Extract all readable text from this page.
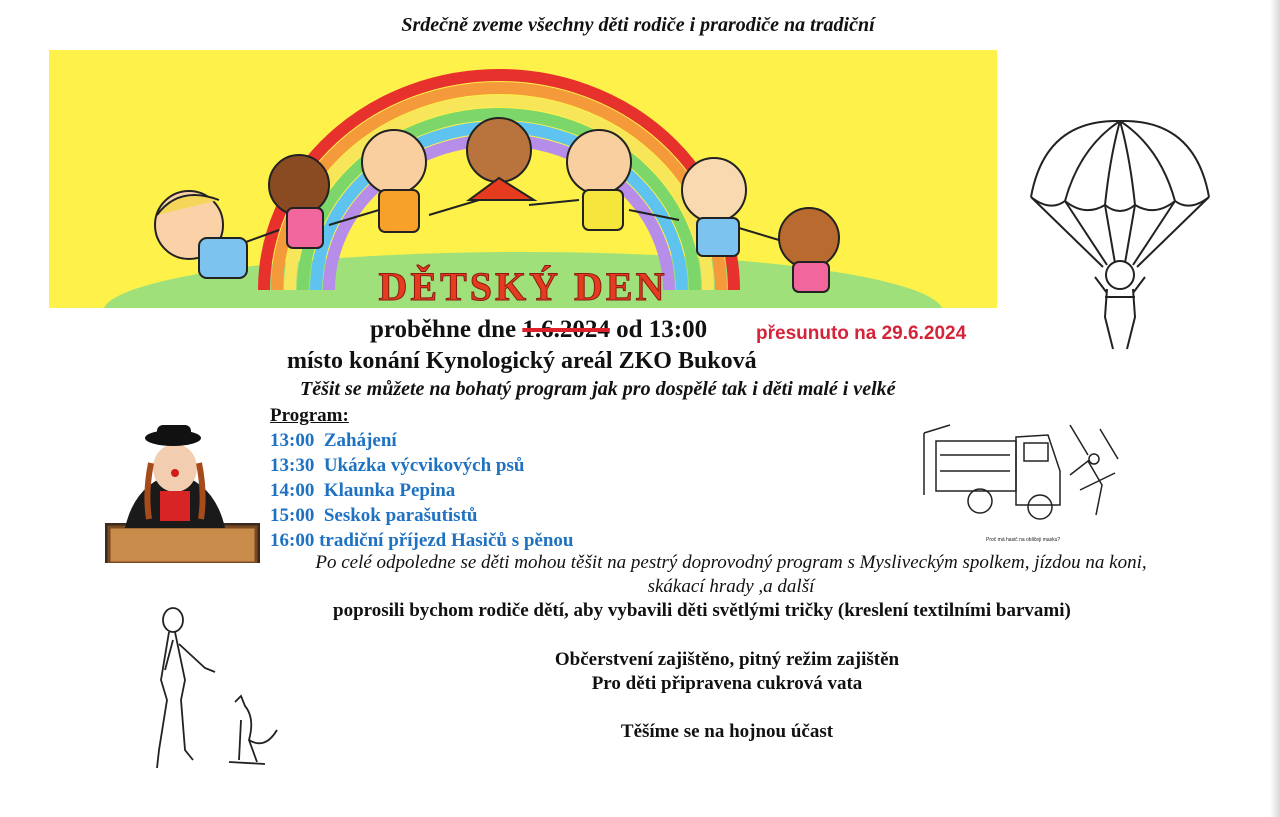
Srdečně zveme všechny děti rodiče i prarodiče na tradiční
DĚTSKÝ DEN
proběhne dne 1.6.2024 od 13:00	přesunuto na 29.6.2024
místo konání Kynologický areál ZKO Buková
Těšit se můžete na bohatý program jak pro dospělé tak i děti malé i velké
Program:
13:00 Zahájení
13:30 Ukázka výcvikových psů
14:00 Klaunka Pepina
15:00 Seskok parašutistů
16:00 tradiční příjezd Hasičů s pěnou
Po celé odpoledne se děti mohou těšit na pestrý doprovodný program s Mysliveckým spolkem, jízdou na koni, skákací hrady ,a další
poprosili bychom rodiče dětí, aby vybavili děti světlými tričky (kreslení textilními barvami)
Občerstvení zajištěno, pitný režim zajištěn
Pro děti připravena cukrová vata
Těšíme se na hojnou účast
Proč má hasič na obličeji masku?
